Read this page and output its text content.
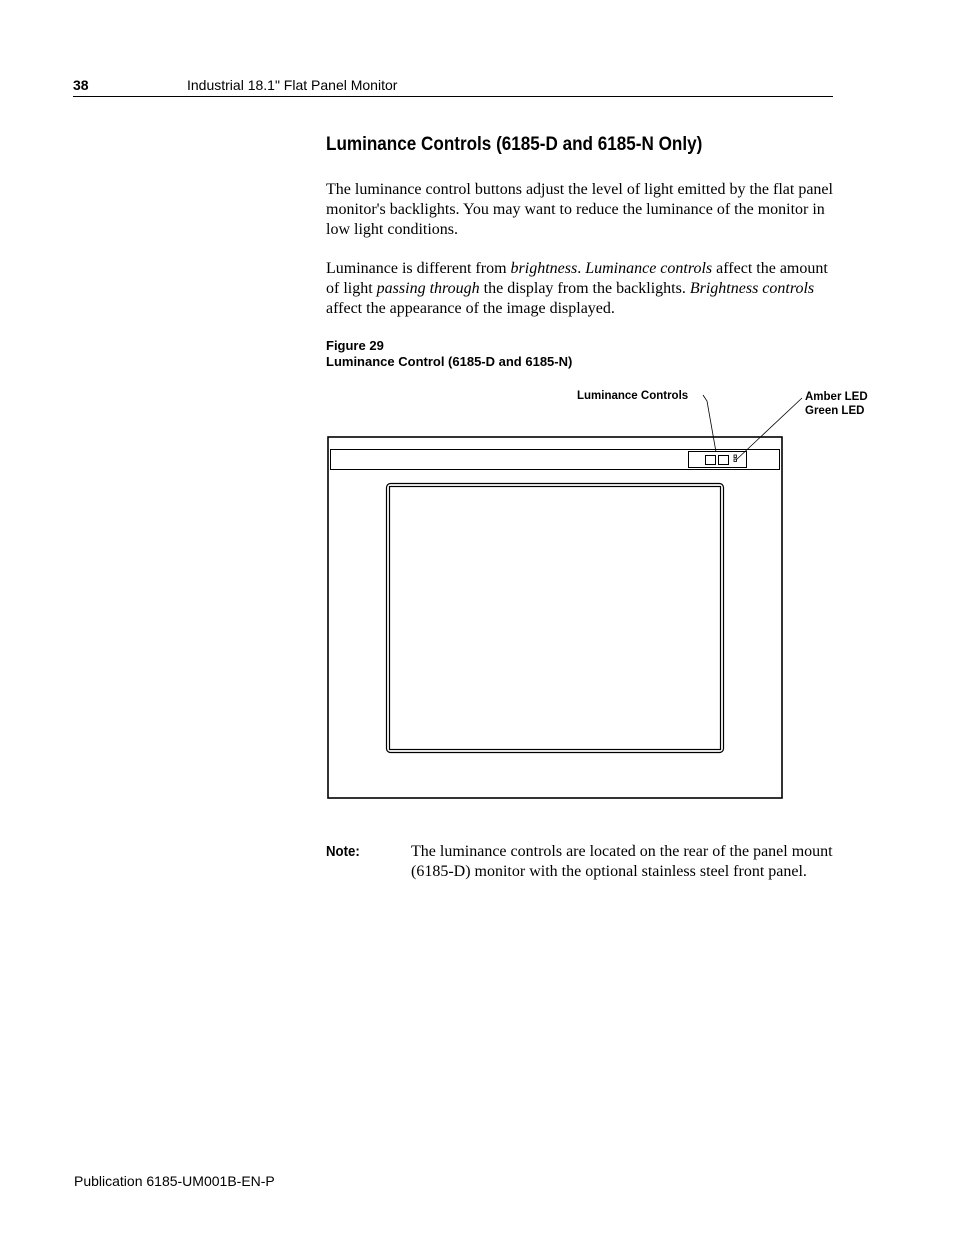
38	Industrial 18.1" Flat Panel Monitor
Luminance Controls (6185-D and 6185-N Only)

The luminance control buttons adjust the level of light emitted by the flat panel monitor's backlights. You may want to reduce the luminance of the monitor in low light conditions.

Luminance is different from brightness. Luminance controls affect the amount of light passing through the display from the backlights. Brightness controls affect the appearance of the image displayed.

Figure 29
Luminance Control (6185-D and 6185-N)
Luminance Controls	Amber LED
Green LED
Note:	The luminance controls are located on the rear of the panel mount (6185-D) monitor with the optional stainless steel front panel.

Publication 6185-UM001B-EN-P
